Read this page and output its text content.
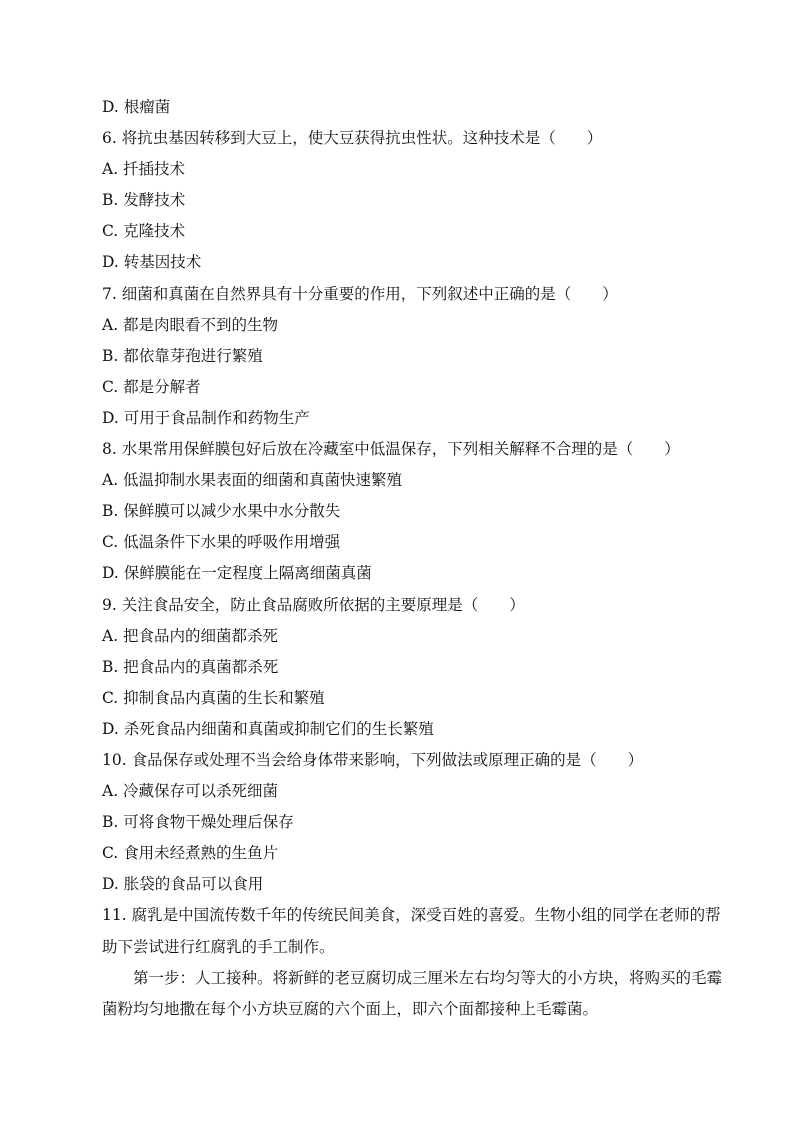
D. 根瘤菌
6. 将抗虫基因转移到大豆上，使大豆获得抗虫性状。这种技术是（　　）
A. 扦插技术
B. 发酵技术
C. 克隆技术
D. 转基因技术
7. 细菌和真菌在自然界具有十分重要的作用，下列叙述中正确的是（　　）
A. 都是肉眼看不到的生物
B. 都依靠芽孢进行繁殖
C. 都是分解者
D. 可用于食品制作和药物生产
8. 水果常用保鲜膜包好后放在冷藏室中低温保存，下列相关解释不合理的是（　　）
A. 低温抑制水果表面的细菌和真菌快速繁殖
B. 保鲜膜可以减少水果中水分散失
C. 低温条件下水果的呼吸作用增强
D. 保鲜膜能在一定程度上隔离细菌真菌
9. 关注食品安全，防止食品腐败所依据的主要原理是（　　）
A. 把食品内的细菌都杀死
B. 把食品内的真菌都杀死
C. 抑制食品内真菌的生长和繁殖
D. 杀死食品内细菌和真菌或抑制它们的生长繁殖
10. 食品保存或处理不当会给身体带来影响，下列做法或原理正确的是（　　）
A. 冷藏保存可以杀死细菌
B. 可将食物干燥处理后保存
C. 食用未经煮熟的生鱼片
D. 胀袋的食品可以食用
11. 腐乳是中国流传数千年的传统民间美食，深受百姓的喜爱。生物小组的同学在老师的帮助下尝试进行红腐乳的手工制作。
第一步：人工接种。将新鲜的老豆腐切成三厘米左右均匀等大的小方块，将购买的毛霉菌粉均匀地撒在每个小方块豆腐的六个面上，即六个面都接种上毛霉菌。
